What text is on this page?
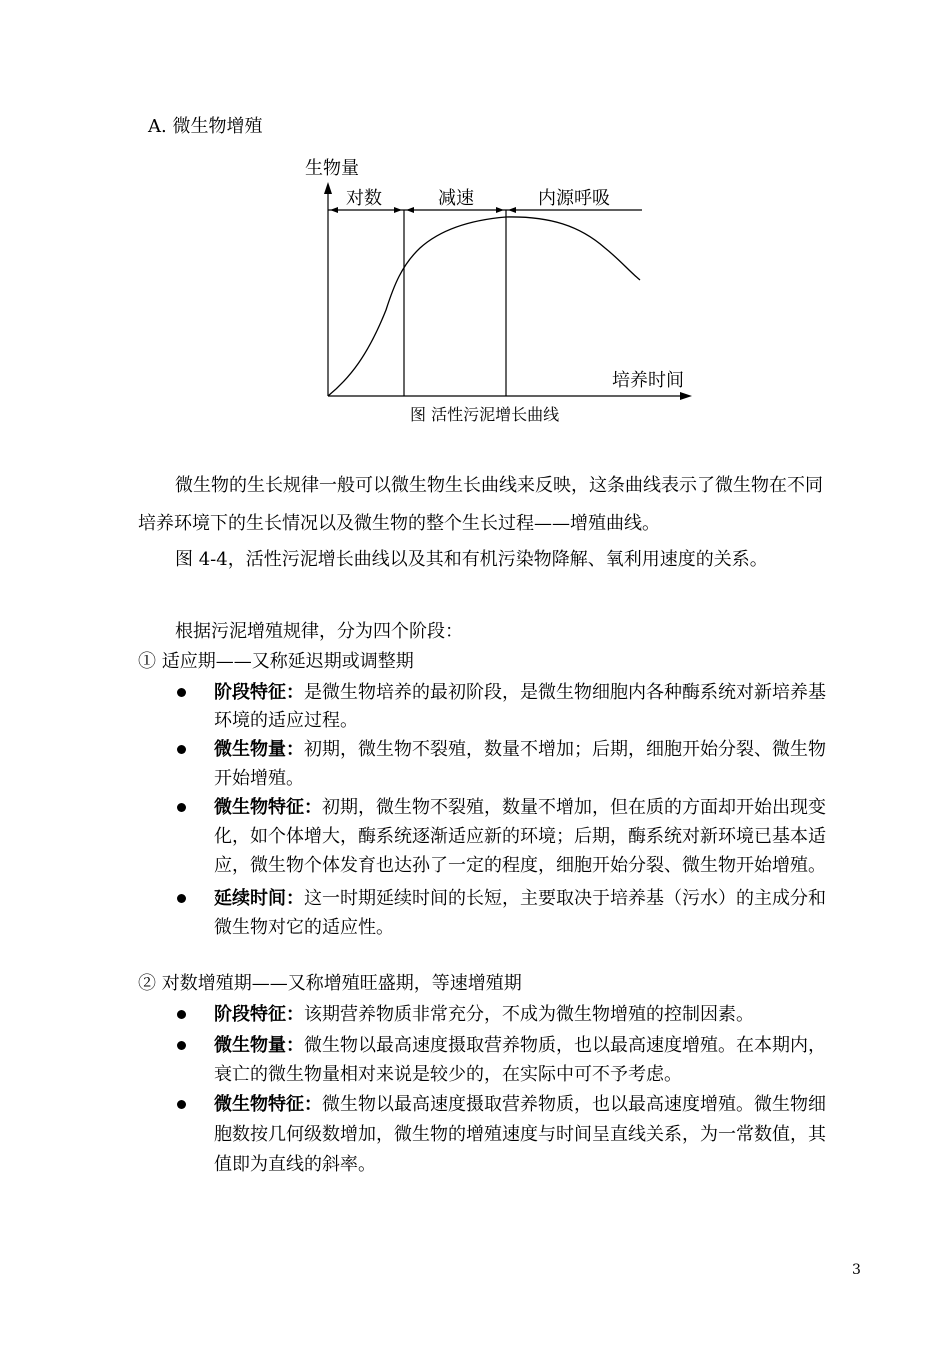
A. 微生物增殖
生物量
对数	减速	内源呼吸
培养时间
图 活性污泥增长曲线
微生物的生长规律一般可以微生物生长曲线来反映，这条曲线表示了微生物在不同
培养环境下的生长情况以及微生物的整个生长过程——增殖曲线。
图 4-4，活性污泥增长曲线以及其和有机污染物降解、氧利用速度的关系。
根据污泥增殖规律，分为四个阶段：
① 适应期——又称延迟期或调整期
阶段特征：是微生物培养的最初阶段，是微生物细胞内各种酶系统对新培养基
环境的适应过程。
微生物量：初期，微生物不裂殖，数量不增加；后期，细胞开始分裂、微生物
开始增殖。
微生物特征：初期，微生物不裂殖，数量不增加，但在质的方面却开始出现变
化，如个体增大，酶系统逐渐适应新的环境；后期，酶系统对新环境已基本适
应，微生物个体发育也达孙了一定的程度，细胞开始分裂、微生物开始增殖。
延续时间：这一时期延续时间的长短，主要取决于培养基（污水）的主成分和
微生物对它的适应性。
② 对数增殖期——又称增殖旺盛期，等速增殖期
阶段特征：该期营养物质非常充分，不成为微生物增殖的控制因素。
微生物量：微生物以最高速度摄取营养物质，也以最高速度增殖。在本期内，
衰亡的微生物量相对来说是较少的，在实际中可不予考虑。
微生物特征：微生物以最高速度摄取营养物质，也以最高速度增殖。微生物细
胞数按几何级数增加，微生物的增殖速度与时间呈直线关系，为一常数值，其
值即为直线的斜率。
3
